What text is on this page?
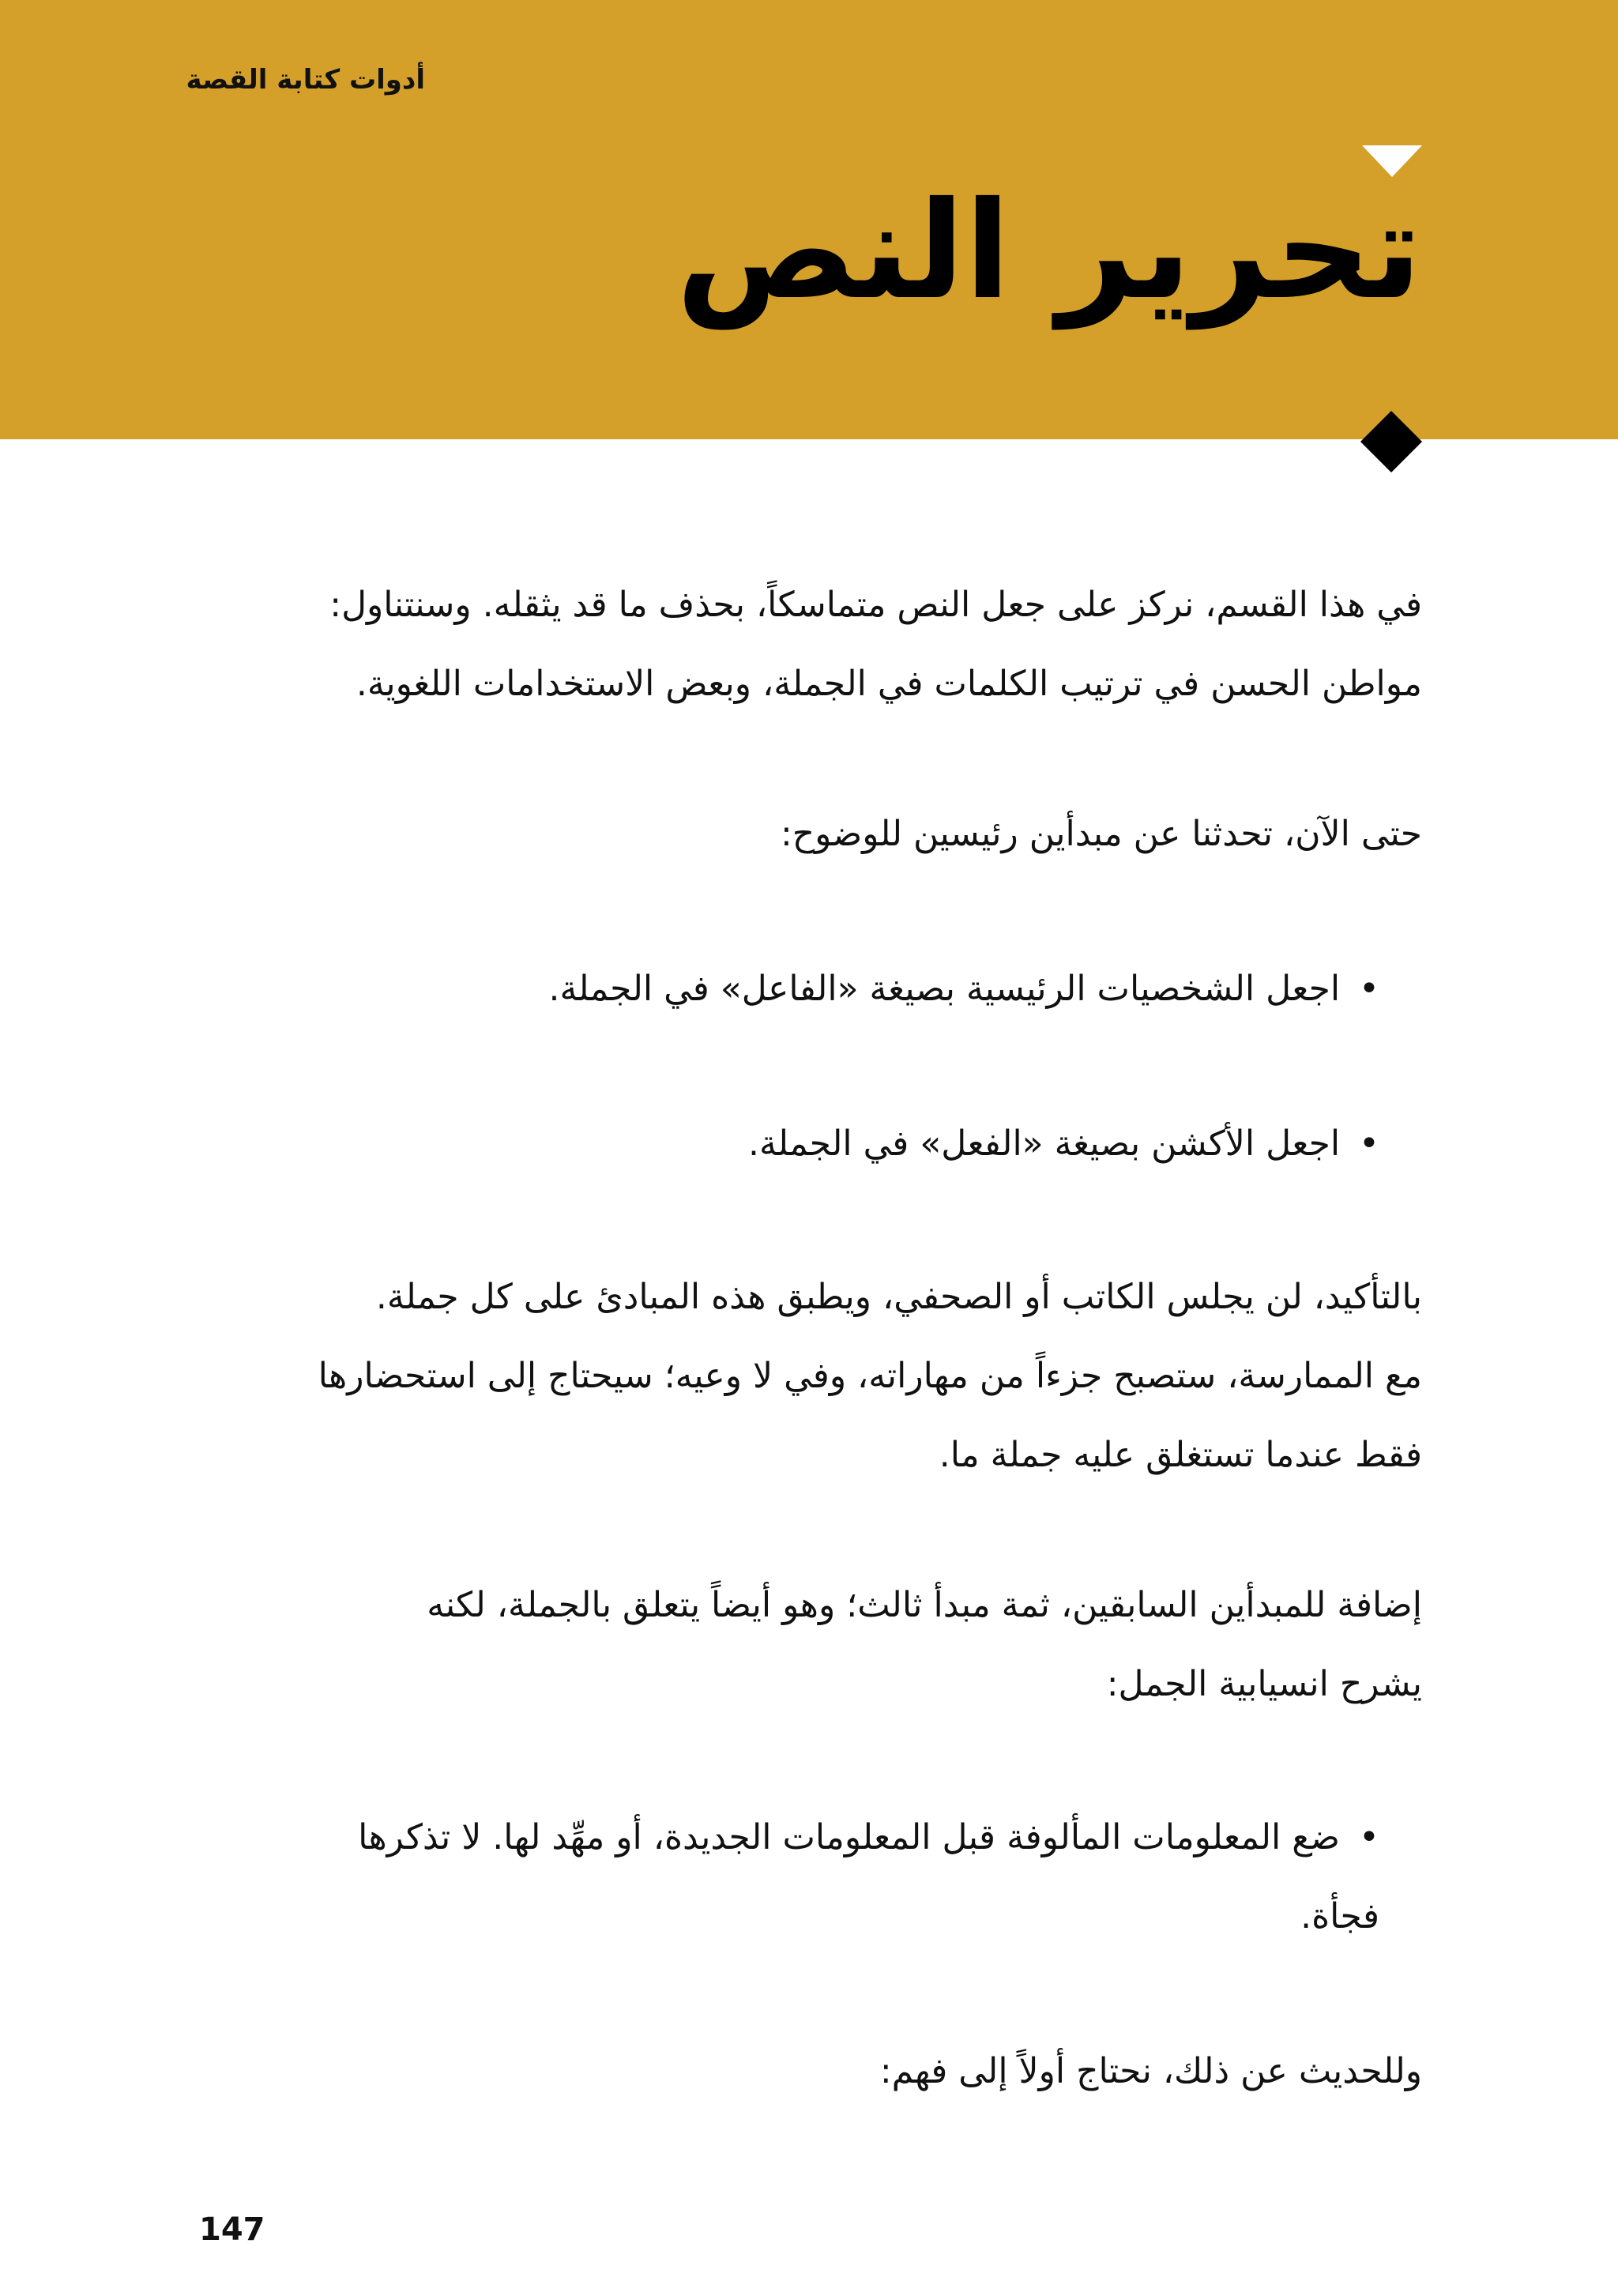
أدوات كتابة القصة
تحرير النص

في هذا القسم، نركز على جعل النص متماسكاً، بحذف ما قد يثقله. وسنتناول:
مواطن الحسن في ترتيب الكلمات في الجملة، وبعض الاستخدامات اللغوية.

حتى الآن، تحدثنا عن مبدأين رئيسين للوضوح:

•اجعل الشخصيات الرئيسية بصيغة «الفاعل» في الجملة.

•اجعل الأكشن بصيغة «الفعل» في الجملة.

بالتأكيد، لن يجلس الكاتب أو الصحفي، ويطبق هذه المبادئ على كل جملة.
مع الممارسة، ستصبح جزءاً من مهاراته، وفي لا وعيه؛ سيحتاج إلى استحضارها
فقط عندما تستغلق عليه جملة ما.

إضافة للمبدأين السابقين، ثمة مبدأ ثالث؛ وهو أيضاً يتعلق بالجملة، لكنه
يشرح انسيابية الجمل:

•ضع المعلومات المألوفة قبل المعلومات الجديدة، أو مهِّد لها. لا تذكرها
فجأة.

وللحديث عن ذلك، نحتاج أولاً إلى فهم:

147
